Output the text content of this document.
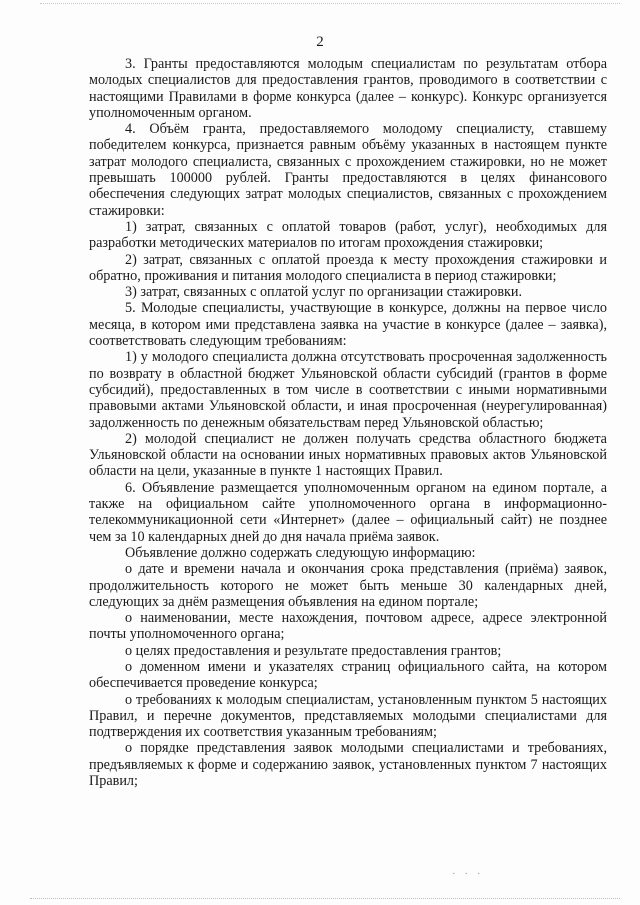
2

3. Гранты предоставляются молодым специалистам по результатам отбора молодых специалистов для предоставления грантов, проводимого в соответствии с настоящими Правилами в форме конкурса (далее – конкурс). Конкурс организуется уполномоченным органом.

4. Объём гранта, предоставляемого молодому специалисту, ставшему победителем конкурса, признается равным объёму указанных в настоящем пункте затрат молодого специалиста, связанных с прохождением стажировки, но не может превышать 100000 рублей. Гранты предоставляются в целях финансового обеспечения следующих затрат молодых специалистов, связанных с прохождением стажировки:

1) затрат, связанных с оплатой товаров (работ, услуг), необходимых для разработки методических материалов по итогам прохождения стажировки;

2) затрат, связанных с оплатой проезда к месту прохождения стажировки и обратно, проживания и питания молодого специалиста в период стажировки;

3) затрат, связанных с оплатой услуг по организации стажировки.

5. Молодые специалисты, участвующие в конкурсе, должны на первое число месяца, в котором ими представлена заявка на участие в конкурсе (далее – заявка), соответствовать следующим требованиям:

1) у молодого специалиста должна отсутствовать просроченная задолженность по возврату в областной бюджет Ульяновской области субсидий (грантов в форме субсидий), предоставленных в том числе в соответствии с иными нормативными правовыми актами Ульяновской области, и иная просроченная (неурегулированная) задолженность по денежным обязательствам перед Ульяновской областью;

2) молодой специалист не должен получать средства областного бюджета Ульяновской области на основании иных нормативных правовых актов Ульяновской области на цели, указанные в пункте 1 настоящих Правил.

6. Объявление размещается уполномоченным органом на едином портале, а также на официальном сайте уполномоченного органа в информационно-телекоммуникационной сети «Интернет» (далее – официальный сайт) не позднее чем за 10 календарных дней до дня начала приёма заявок.

Объявление должно содержать следующую информацию:

о дате и времени начала и окончания срока представления (приёма) заявок, продолжительность которого не может быть меньше 30 календарных дней, следующих за днём размещения объявления на едином портале;

о наименовании, месте нахождения, почтовом адресе, адресе электронной почты уполномоченного органа;

о целях предоставления и результате предоставления грантов;

о доменном имени и указателях страниц официального сайта, на котором обеспечивается проведение конкурса;

о требованиях к молодым специалистам, установленным пунктом 5 настоящих Правил, и перечне документов, представляемых молодыми специалистами для подтверждения их соответствия указанным требованиям;

о порядке представления заявок молодыми специалистами и требованиях, предъявляемых к форме и содержанию заявок, установленных пунктом 7 настоящих Правил;

· · ·
